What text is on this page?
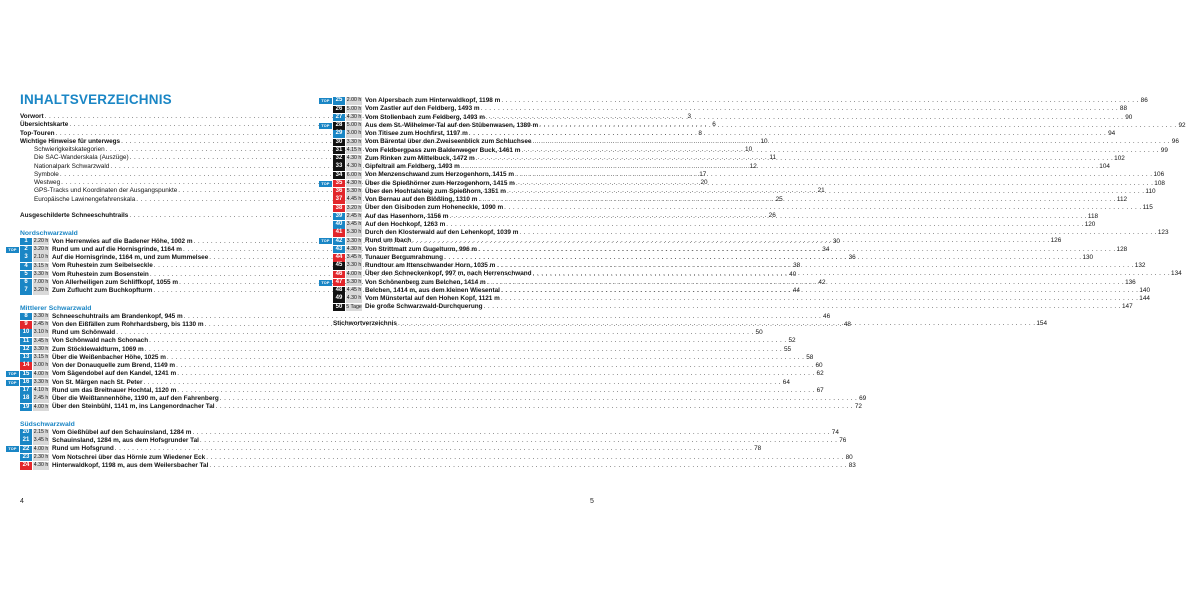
INHALTSVERZEICHNIS
Vorwort . . .	3
Übersichtskarte . . .	6
Top-Touren . . .	8
Wichtige Hinweise für unterwegs . . .	10
Schwierigkeitskategorien . . .	10
Die SAC-Wanderskala (Auszüge) . . .	11
Nationalpark Schwarzwald . . .	12
Symbole . . .	17
Westweg . . .	20
GPS-Tracks und Koordinaten der Ausgangspunkte . . .	21
Europäische Lawinengefahrenskala . . .	25
Ausgeschilderte Schneeschuhtrails . . .	26
Nordschwarzwald
1	2.20 h Von Herrenwies auf die Badener Höhe, 1002 m . . .	30
TOP	2	3.20 h Rund um und auf die Hornisgrinde, 1164 m . . .	34
3	2.10 h Auf die Hornisgrinde, 1164 m, und zum Mummelsee . . .	36
4	3.15 h Vom Ruhestein zum Seibelseckle . . .	38
5	3.30 h Vom Ruhestein zum Bosenstein . . .	40
6	7.00 h Von Allerheiligen zum Schliffkopf, 1055 m . . .	42
7	3.20 h Zum Zuflucht zum Buchkopfturm . . .	44
Mittlerer Schwarzwald
8	3.30 h Schneeschuhtrails am Brandenkopf, 945 m . . .	46
9	2.45 h Von den Eißfällen zum Rohrhardsberg, bis 1130 m . . .	48
10 3.10 h Rund um Schönwald . . .	50
11 3.45 h Von Schönwald nach Schonach . . .	52
12 3.30 h Zum Stöcklewaldturm, 1069 m . . .	55
13 3.15 h Über die Weißenbacher Höhe, 1025 m . . .	58
14 3.00 h Von der Donauquelle zum Brend, 1149 m . . .	60
TOP 15 4.00 h Vom Sägendobel auf den Kandel, 1241 m . . .	62
TOP 16 3.30 h Von St. Märgen nach St. Peter . . .	64
17 4.10 h Rund um das Breitnauer Hochtal, 1120 m . . .	67
18 2.45 h Über die Weißtannenhöhe, 1190 m, auf den Fahrenberg . . .	69
19 4.00 h Über den Steinbühl, 1141 m, ins Langenordnacher Tal . . .	72
Südschwarzwald
20 2.15 h Vom Gießhübel auf den Schauinsland, 1284 m . . .	74
21 3.45 h Schauinsland, 1284 m, aus dem Hofsgrunder Tal . . .	76
TOP 22 4.00 h Rund um Hofsgrund . . .	78
23 2.30 h Vom Notschrei über das Hörnle zum Wiedener Eck . . .	80
24 4.30 h Hinterwaldkopf, 1198 m, aus dem Weilersbacher Tal . . .	83
4
TOP 25 2.00 h Von Alpersbach zum Hinterwaldkopf, 1198 m . . .	86
26 5.00 h Vom Zastler auf den Feldberg, 1493 m . . .	88
27 4.30 h Vom Stollenbach zum Feldberg, 1493 m . . .	90
TOP 28 5.00 h Aus dem St.-Wilhelmer-Tal auf den Stübenwasen, 1389 m . . .	92
29 3.00 h Von Titisee zum Hochfirst, 1197 m . . .	94
30 3.30 h Vom Bärental über den Zweiseenblick zum Schluchsee . . .	96
31 4.15 h Vom Feldbergpass zum Baldenweger Buck, 1461 m . . .	99
32 4.30 h Zum Rinken zum Mittelbuck, 1472 m . . .	102
33 4.30 h Gipfeltrail am Feldberg, 1493 m . . .	104
34 6.00 h Von Menzenschwand zum Herzogenhorn, 1415 m . . .	106
TOP 35 4.30 h Über die Spießhörner zum Herzogenhorn, 1415 m . . .	108
36 5.30 h Über den Hochtalsteig zum Spießhorn, 1351 m . . .	110
37 4.45 h Von Bernau auf den Blößling, 1310 m . . .	112
38 3.20 h Über den Gisiboden zum Hoheneckle, 1090 m . . .	115
39 2.45 h Auf das Hasenhorn, 1156 m . . .	118
40 3.45 h Auf den Hochkopf, 1263 m . . .	120
41 5.30 h Durch den Klosterwald auf den Lehenkopf, 1039 m . . .	123
TOP 42 3.30 h Rund um Ibach . . .	126
43 4.30 h Von Strittmatt zum Gugelturm, 996 m . . .	128
44 3.45 h Tunauer Bergumrahmung . . .	130
45 3.30 h Rundtour am Ittenschwander Horn, 1035 m . . .	132
46 4.00 h Über den Schneckenkopf, 997 m, nach Herrenschwand . . .	134
TOP 47 5.30 h Von Schönenberg zum Belchen, 1414 m . . .	136
48 4.45 h Belchen, 1414 m, aus dem kleinen Wiesental . . .	140
49 4.30 h Vom Münstertal auf den Hohen Kopf, 1121 m . . .	144
50 5 Tage Die große Schwarzwald-Durchquerung . . .	147
Stichwortverzeichnis . . .	154
5
